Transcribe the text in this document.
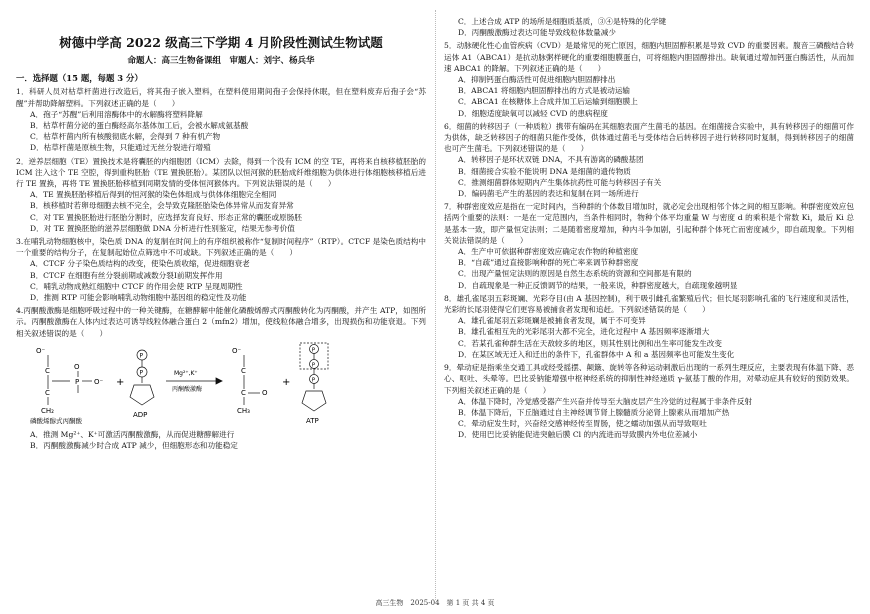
树德中学高 2022 级高三下学期 4 月阶段性测试生物试题
命题人：高三生物备课组　审题人：刘宇、杨兵华
一．选择题（15 题，每题 3 分）

1．科研人员对枯草杆菌进行改造后，将其孢子嵌入塑料，在塑料使用期间孢子会保持休眠，但在塑料废弃后孢子会“苏醒”并帮助降解塑料。下列叙述正确的是（　　）

A．孢子“苏醒”后利用溶酶体中的水解酶将塑料降解

B．枯草杆菌分泌的蛋白酶经高尔基体加工后，会被水解成氨基酸

C．枯草杆菌内所有核酸彻底水解，会得到 7 种有机产物

D．枯草杆菌是原核生物，只能通过无丝分裂进行增殖

2．逆养层细胞（TE）置换技术是将囊胚的内细胞团（ICM）去除，得到一个没有 ICM 的空 TE，再将来自核移植胚胎的 ICM 注入这个 TE 空腔，得到重构胚胎（TE 置换胚胎）。某团队以恒河猴的胚胎成纤维细胞为供体进行体细胞核移植后进行 TE 置换，再将 TE 置换胚胎移植到同期发情的受体恒河猴体内。下列说法错误的是（　　）

A．TE 置换胚胎移植后得到的恒河猴的染色体组成与供体体细胞完全相同

B．核移植时若卵母细胞去核不完全，会导致克隆胚胎染色体异常从而发育异常

C．对 TE 置换胚胎进行胚胎分割时，应选择发育良好、形态正常的囊胚或原肠胚

D．对 TE 置换胚胎的滋养层细胞做 DNA 分析进行性别鉴定，结果无参考价值

3.在哺乳动物细胞核中，染色质 DNA 的复制在时间上的有序组织被称作“复制时间程序”（RTP）。CTCF 是染色质结构中一个重要的结构分子，在复制起始位点筛选中不可或缺。下列叙述正确的是（　　）

A．CTCF 分子染色质结构的改变，使染色质收缩，促进细胞衰老

B．CTCF 在细胞有丝分裂前期或减数分裂Ⅰ前期发挥作用

C．哺乳动物成熟红细胞中 CTCF 的作用会使 RTP 呈现周期性

D．推测 RTP 可能会影响哺乳动物细胞中基因组的稳定性及功能

4.丙酮酸激酶是细胞呼吸过程中的一种关键酶，在糖酵解中能催化磷酸烯醇式丙酮酸转化为丙酮酸，并产生 ATP，如图所示。丙酮酸激酶在人体内过表达可诱导线粒体融合蛋白 2（mfn2）增加，使线粒体融合增多，出现损伤和功能衰退。下列相关叙述错误的是（　　）

O⁻
C
C
CH₂
P O⁻
O
磷酸烯醇式丙酮酸
+
P
P
ADP
Mg²⁺,K⁺
丙酮酸激酶
O⁻
C
C O
CH₃
+
P
P
P
ATP

A．推测 Mg²⁺、K⁺可激活丙酮酸激酶，从而促进糖酵解进行

B．丙酮酸激酶减少时合成 ATP 减少，但细胞形态和功能稳定

C．上述合成 ATP 的场所是细胞质基质，③④是特殊的化学键

D．丙酮酸激酶过表达可能导致线粒体数量减少

5．动脉硬化性心血管疾病（CVD）是最常见的死亡原因，细胞内胆固醇积累是导致 CVD 的重要因素。腹音三磷酸结合转运体 A1（ABCA1）是抗动脉粥样硬化的重要细胞膜蛋白，可将细胞内胆固醇排出。缺氧通过增加钙蛋白酶活性，从而加速 ABCA1 的降解。下列叙述正确的是（　　）

A．抑制钙蛋白酶活性可促进细胞内胆固醇排出

B．ABCA1 将细胞内胆固醇排出的方式是被动运输

C．ABCA1 在核糖体上合成并加工后运输到细胞膜上

D．细胞适度缺氧可以减轻 CVD 的患病程度

6．细菌的转移因子（一种质粒）携带有编码在其细胞表面产生菌毛的基因。在细菌接合实验中，具有转移因子的细菌可作为供体，缺乏转移因子的细菌只能作受体，供体通过菌毛与受体结合后转移因子进行转移同时复制，得到转移因子的细菌也可产生菌毛。下列叙述错误的是（　　）

A．转移因子是环状双链 DNA，不具有游离的磷酸基团

B．细菌接合实验不能说明 DNA 是细菌的遗传物质

C．推测细菌群体短期内产生集体抗药性可能与转移因子有关

D．编码菌毛产生的基因的表达和复制在同一场所进行

7．种群密度效应是指在一定时间内，当种群的个体数目增加时，就必定会出现相邻个体之间的相互影响。种群密度效应包括两个重要的法则：一是在一定范围内，当条件相同时，物种个体平均重量 W 与密度 d 的乘积是个常数 Ki，最后 Ki 总是基本一致，即产量恒定法则；二是随着密度增加，种内斗争加剧，引起种群个体死亡而密度减少，即自疏现象。下列相关说法错误的是（　　）

A．生产中可依据种群密度效应确定农作物的种植密度

B．“自疏”通过直接影响种群的死亡率来调节种群密度

C．出现产量恒定法则的原因是自然生态系统的资源和空间都是有限的

D．自疏现象是一种正反馈调节的结果，一般来说，种群密度越大，自疏现象越明显

8．雄孔雀尾羽五彩斑斓、光彩夺目(由 A 基因控制)，利于吸引雌孔雀繁殖后代；但长尾羽影响孔雀的飞行速度和灵活性，光彩的长尾羽使得它们更容易被捕食者发现和追赶。下列叙述错误的是（　　）

A．雄孔雀尾羽五彩斑斓是被捕食者发现，属于不可变异

B．雄孔雀相互先的光彩尾羽大都不完全，进化过程中 A 基因频率逐渐增大

C．若某孔雀种群生活在天敌较多的地区，则其性别比例和出生率可能发生改变

D．在某区域无迁入和迁出的条件下，孔雀群体中 A 和 a 基因频率也可能发生变化

9．晕动症是指乘坐交通工具或经受摇摆、颠簸、旋转等各种运动刺激后出现的一系列生理反应，主要表现有体温下降、恶心、呕吐、头晕等。巴比妥钠能增强中枢神经系统的抑制性神经递质 γ-氨基丁酸的作用，对晕动症具有较好的预防效果。下列相关叙述正确的是（　　）

A．体温下降时，冷觉感受器产生兴奋并传导至大脑皮层产生冷觉的过程属于非条件反射

B．体温下降后，下丘脑通过自主神经调节肾上腺髓质分泌肾上腺素从而增加产热

C．晕动症发生时，兴奋经交感神经传至胃肠，使之蠕动加强从而导致呕吐

D．使用巴比妥钠能促进突触后膜 Cl 的内流进而导致膜内外电位差减小

高三生物　2025-04　第 1 页 共 4 页
